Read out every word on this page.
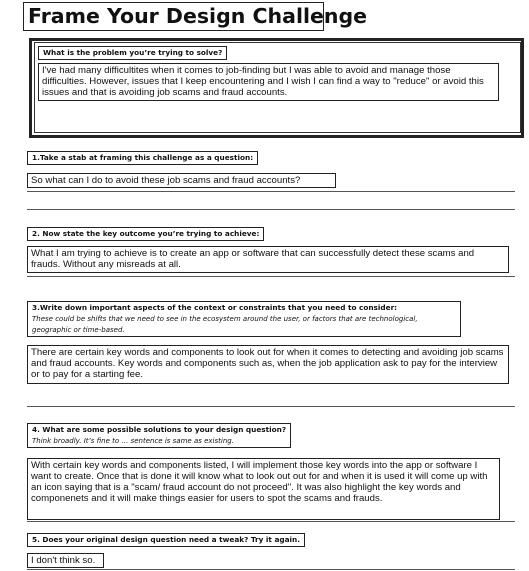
Frame Your Design Challenge
What is the problem you’re trying to solve?
I've had many difficultites when it comes to job-finding but I was able to avoid and manage those difficulties. However, issues that I keep encountering and I wish I can find a way to "reduce" or avoid this issues and that is avoiding job scams and fraud accounts.
1.Take a stab at framing this challenge as a question:
So what can I do to avoid these job scams and fraud accounts?
2. Now state the key outcome you’re trying to achieve:
What I am trying to achieve is to create an app or software that can successfully detect these scams and frauds. Without any misreads at all.
3.Write down important aspects of the context or constraints that you need to consider:
These could be shifts that we need to see in the ecosystem around the user, or factors that are technological, geographic or time-based.
There are certain key words and components to look out for when it comes to detecting and avoiding job scams and fraud accounts. Key words and components such as, when the job application ask to pay for the interview or to pay for a starting fee.
4. What are some possible solutions to your design question?
Think broadly. It’s fine to … sentence is same as existing.
With certain key words and components listed, I will implement those key words into the app or software I want to create. Once that is done it will know what to look out out for and when it is used it will come up with an icon saying that is a "scam/ fraud account do not proceed". It was also highlight the key words and componenets and it will make things easier for users to spot the scams and frauds.
5. Does your original design question need a tweak? Try it again.
I don't think so.
